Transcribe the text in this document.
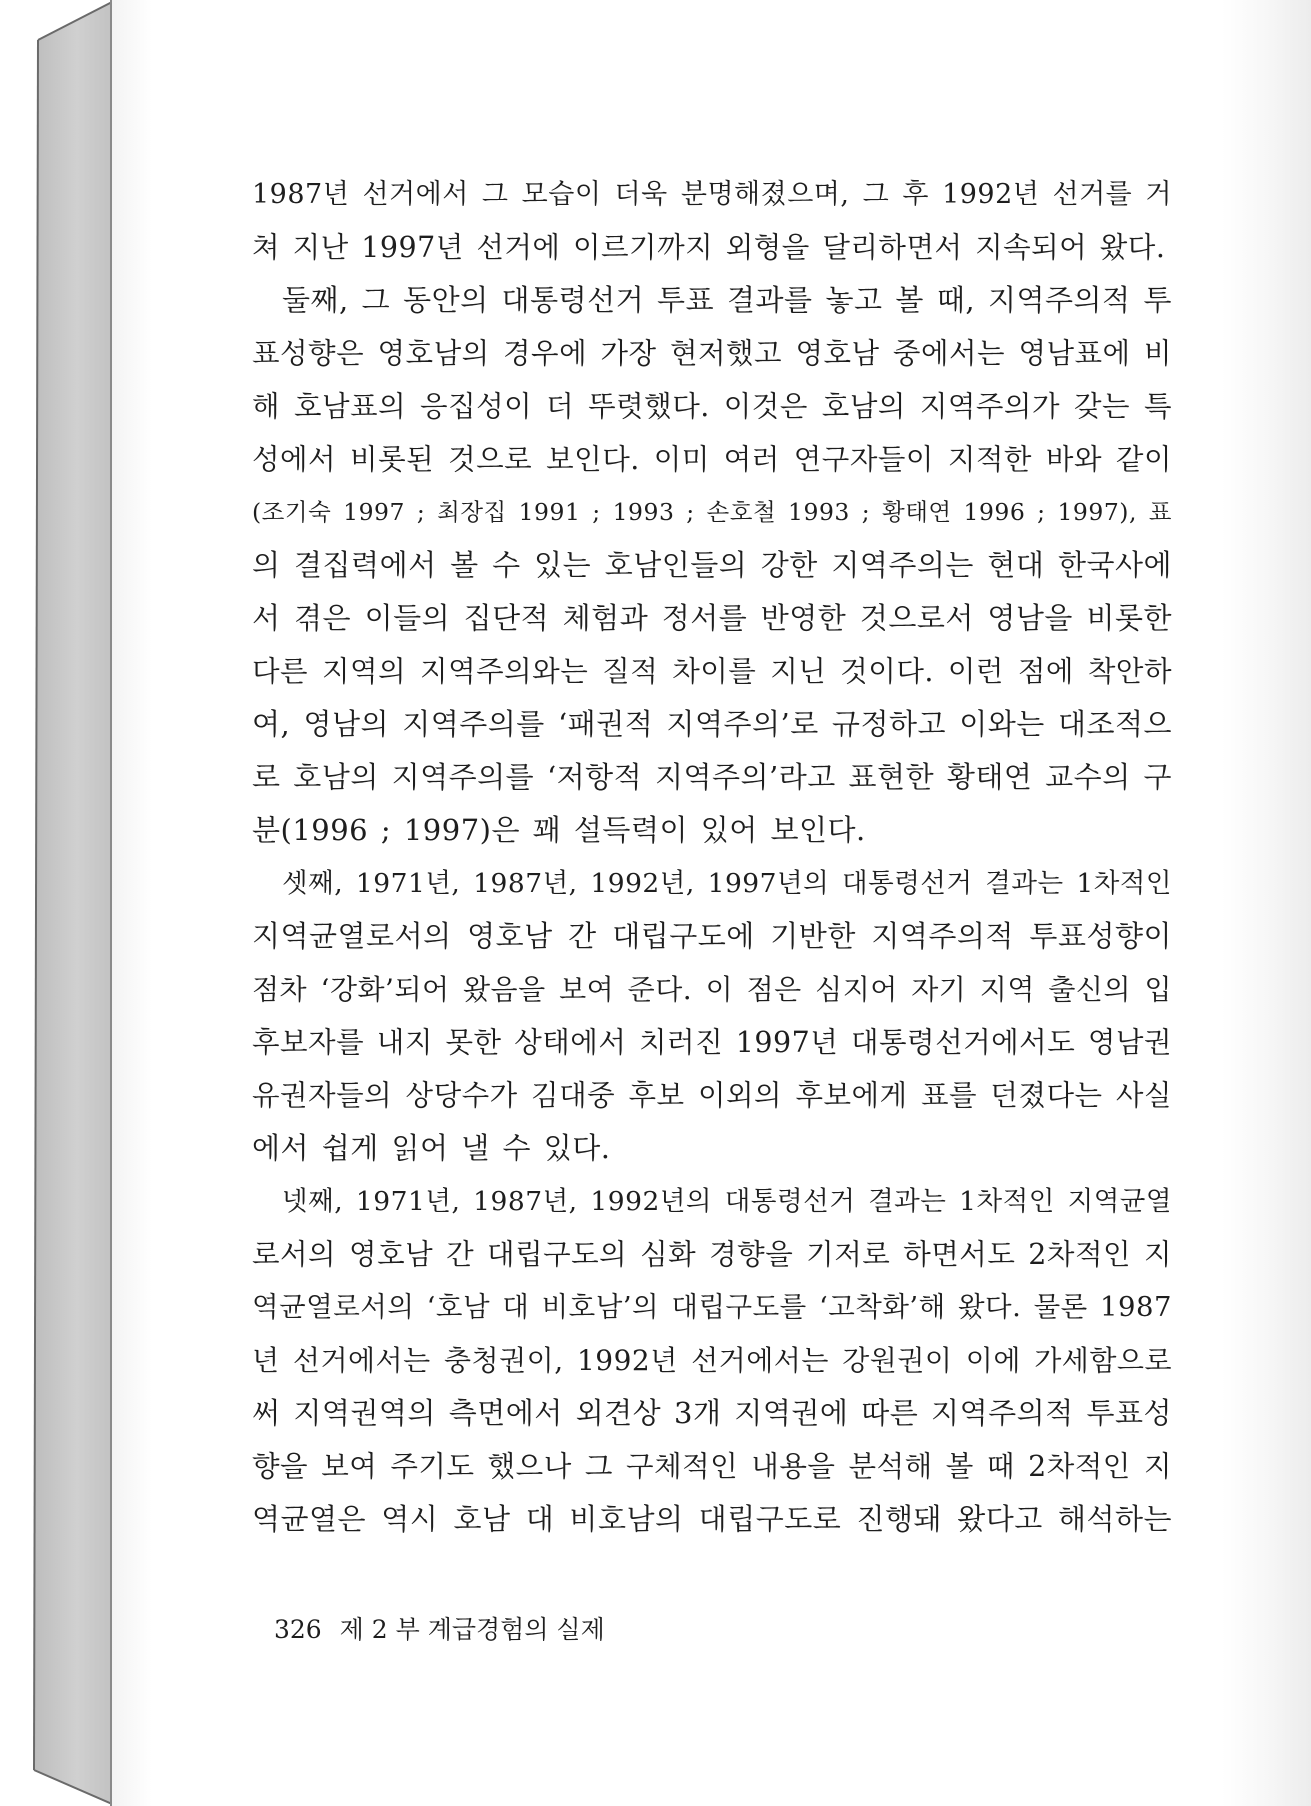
1987년 선거에서 그 모습이 더욱 분명해졌으며, 그 후 1992년 선거를 거
쳐 지난 1997년 선거에 이르기까지 외형을 달리하면서 지속되어 왔다.
둘째, 그 동안의 대통령선거 투표 결과를 놓고 볼 때, 지역주의적 투
표성향은 영호남의 경우에 가장 현저했고 영호남 중에서는 영남표에 비
해 호남표의 응집성이 더 뚜렷했다. 이것은 호남의 지역주의가 갖는 특
성에서 비롯된 것으로 보인다. 이미 여러 연구자들이 지적한 바와 같이
(조기숙 1997 ; 최장집 1991 ; 1993 ; 손호철 1993 ; 황태연 1996 ; 1997), 표
의 결집력에서 볼 수 있는 호남인들의 강한 지역주의는 현대 한국사에
서 겪은 이들의 집단적 체험과 정서를 반영한 것으로서 영남을 비롯한
다른 지역의 지역주의와는 질적 차이를 지닌 것이다. 이런 점에 착안하
여, 영남의 지역주의를 ‘패권적 지역주의’로 규정하고 이와는 대조적으
로 호남의 지역주의를 ‘저항적 지역주의’라고 표현한 황태연 교수의 구
분(1996 ; 1997)은 꽤 설득력이 있어 보인다.
셋째, 1971년, 1987년, 1992년, 1997년의 대통령선거 결과는 1차적인
지역균열로서의 영호남 간 대립구도에 기반한 지역주의적 투표성향이
점차 ‘강화’되어 왔음을 보여 준다. 이 점은 심지어 자기 지역 출신의 입
후보자를 내지 못한 상태에서 치러진 1997년 대통령선거에서도 영남권
유권자들의 상당수가 김대중 후보 이외의 후보에게 표를 던졌다는 사실
에서 쉽게 읽어 낼 수 있다.
넷째, 1971년, 1987년, 1992년의 대통령선거 결과는 1차적인 지역균열
로서의 영호남 간 대립구도의 심화 경향을 기저로 하면서도 2차적인 지
역균열로서의 ‘호남 대 비호남’의 대립구도를 ‘고착화’해 왔다. 물론 1987
년 선거에서는 충청권이, 1992년 선거에서는 강원권이 이에 가세함으로
써 지역권역의 측면에서 외견상 3개 지역권에 따른 지역주의적 투표성
향을 보여 주기도 했으나 그 구체적인 내용을 분석해 볼 때 2차적인 지
역균열은 역시 호남 대 비호남의 대립구도로 진행돼 왔다고 해석하는
326 제 2 부 계급경험의 실제
